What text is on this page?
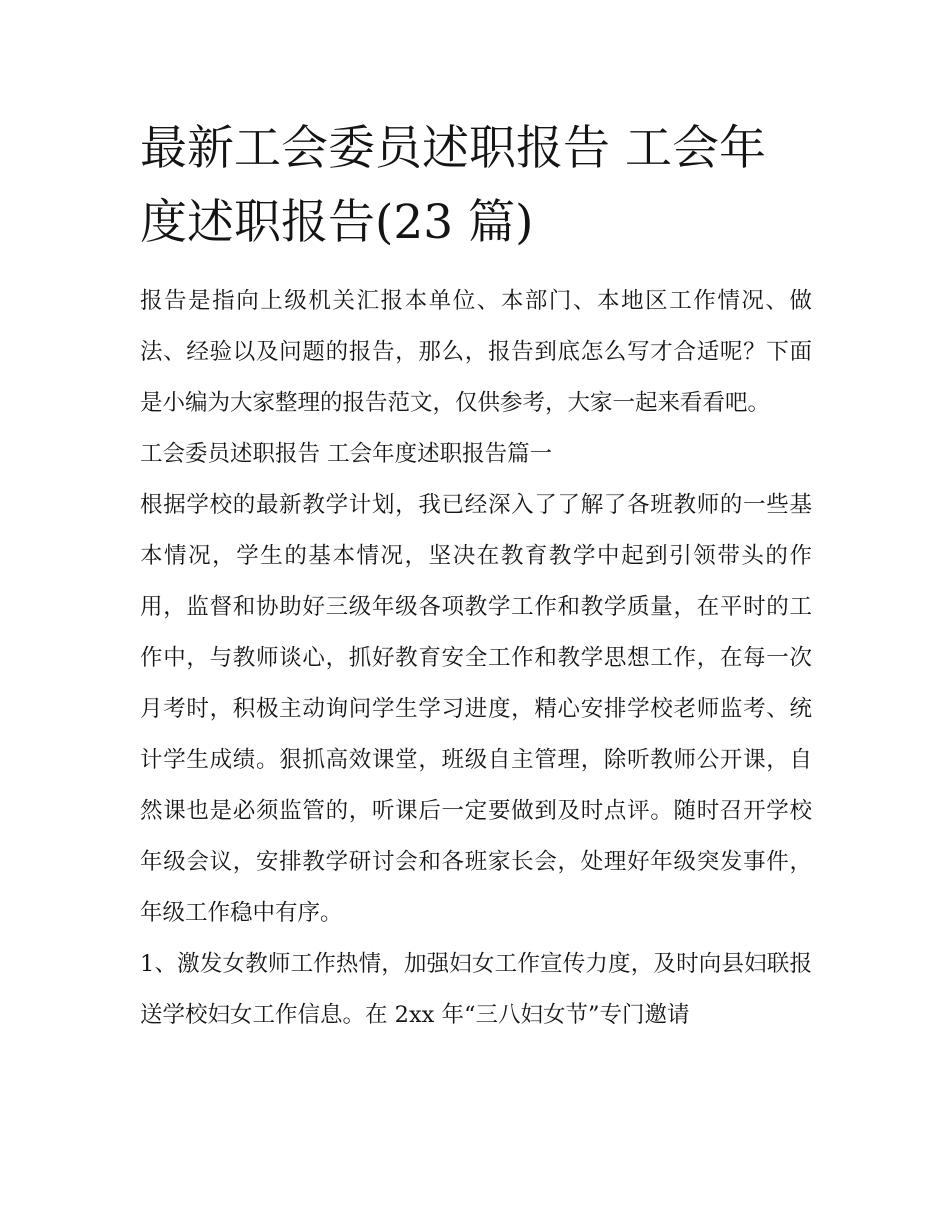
最新工会委员述职报告 工会年度述职报告(23 篇)

报告是指向上级机关汇报本单位、本部门、本地区工作情况、做法、经验以及问题的报告，那么，报告到底怎么写才合适呢？下面是小编为大家整理的报告范文，仅供参考，大家一起来看看吧。

工会委员述职报告 工会年度述职报告篇一

根据学校的最新教学计划，我已经深入了了解了各班教师的一些基本情况，学生的基本情况，坚决在教育教学中起到引领带头的作用，监督和协助好三级年级各项教学工作和教学质量，在平时的工作中，与教师谈心，抓好教育安全工作和教学思想工作，在每一次月考时，积极主动询问学生学习进度，精心安排学校老师监考、统计学生成绩。狠抓高效课堂，班级自主管理，除听教师公开课，自然课也是必须监管的，听课后一定要做到及时点评。随时召开学校年级会议，安排教学研讨会和各班家长会，处理好年级突发事件，年级工作稳中有序。

1、激发女教师工作热情，加强妇女工作宣传力度，及时向县妇联报送学校妇女工作信息。在 2xx 年“三八妇女节”专门邀请
